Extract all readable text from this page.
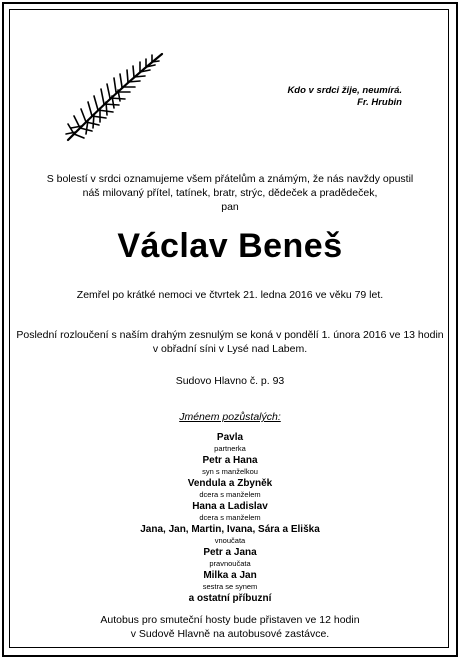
Kdo v srdci žije, neumírá.
Fr. Hrubin
S bolestí v srdci oznamujeme všem přátelům a známým, že nás navždy opustil
náš milovaný přítel, tatínek, bratr, strýc, dědeček a pradědeček,
pan
Václav Beneš
Zemřel po krátké nemoci ve čtvrtek 21. ledna 2016 ve věku 79 let.
Poslední rozloučení s naším drahým zesnulým se koná v pondělí 1. února 2016 ve 13 hodin
v obřadní síni v Lysé nad Labem.
Sudovo Hlavno č. p. 93
Jménem pozůstalých:
Pavla
partnerka
Petr a Hana
syn s manželkou
Vendula a Zbyněk
dcera s manželem
Hana a Ladislav
dcera s manželem
Jana, Jan, Martin, Ivana, Sára a Eliška
vnoučata
Petr a Jana
pravnoučata
Milka a Jan
sestra se synem
a ostatní příbuzní
Autobus pro smuteční hosty bude přistaven ve 12 hodin
v Sudově Hlavně na autobusové zastávce.
